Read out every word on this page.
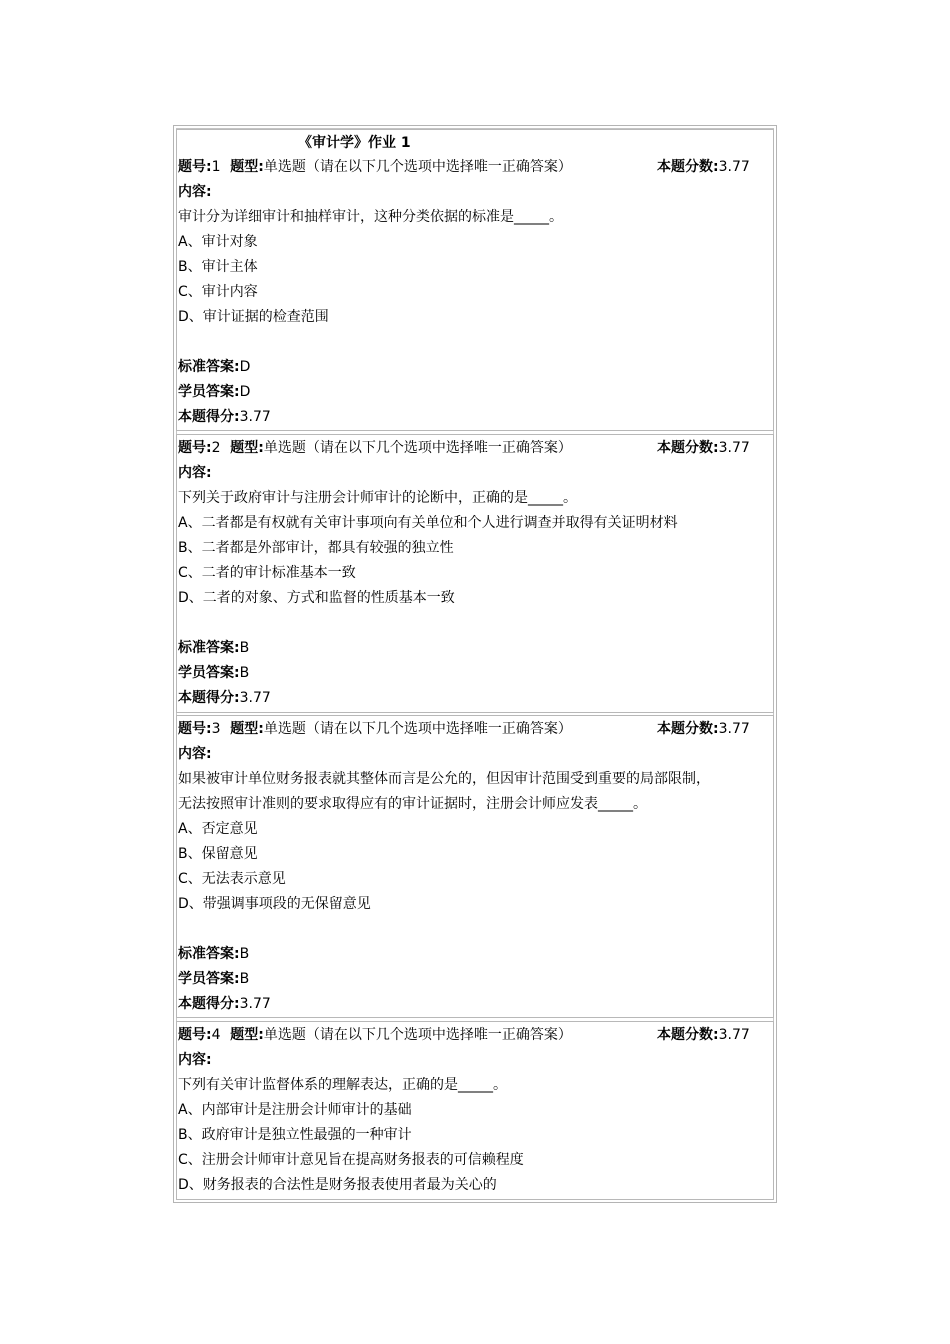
《审计学》作业 1
题号:1 题型:单选题（请在以下几个选项中选择唯一正确答案）	本题分数:3.77
内容:
审计分为详细审计和抽样审计，这种分类依据的标准是_____。
A、审计对象
B、审计主体
C、审计内容
D、审计证据的检查范围
标准答案:D
学员答案:D
本题得分:3.77
题号:2 题型:单选题（请在以下几个选项中选择唯一正确答案）	本题分数:3.77
内容:
下列关于政府审计与注册会计师审计的论断中，正确的是_____。
A、二者都是有权就有关审计事项向有关单位和个人进行调查并取得有关证明材料
B、二者都是外部审计，都具有较强的独立性
C、二者的审计标准基本一致
D、二者的对象、方式和监督的性质基本一致
标准答案:B
学员答案:B
本题得分:3.77
题号:3 题型:单选题（请在以下几个选项中选择唯一正确答案）	本题分数:3.77
内容:
如果被审计单位财务报表就其整体而言是公允的，但因审计范围受到重要的局部限制，
无法按照审计准则的要求取得应有的审计证据时，注册会计师应发表_____。
A、否定意见
B、保留意见
C、无法表示意见
D、带强调事项段的无保留意见
标准答案:B
学员答案:B
本题得分:3.77
题号:4 题型:单选题（请在以下几个选项中选择唯一正确答案）	本题分数:3.77
内容:
下列有关审计监督体系的理解表达，正确的是_____。
A、内部审计是注册会计师审计的基础
B、政府审计是独立性最强的一种审计
C、注册会计师审计意见旨在提高财务报表的可信赖程度
D、财务报表的合法性是财务报表使用者最为关心的
